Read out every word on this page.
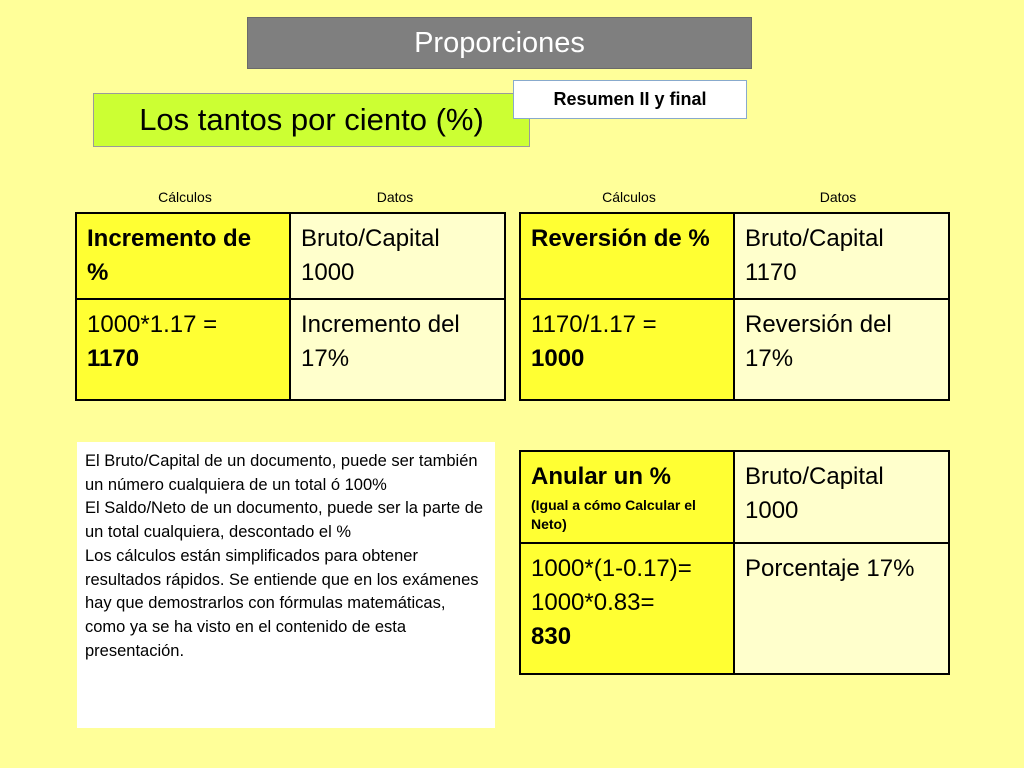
Proporciones
Los tantos por ciento (%)
Resumen II y final
Cálculos	Datos	Cálculos	Datos
Incremento de %	Bruto/Capital 1000
1000*1.17 =
1170	Incremento del 17%
Reversión de %	Bruto/Capital 1170
1170/1.17 =
1000	Reversión del 17%

El Bruto/Capital de un documento, puede ser también un número cualquiera de un total ó 100%

El Saldo/Neto de un documento, puede ser la parte de un total cualquiera, descontado el %

Los cálculos están simplificados para obtener resultados rápidos. Se entiende que en los exámenes hay que demostrarlos con fórmulas matemáticas, como ya se ha visto en el contenido de esta presentación.

Anular un %
(Igual a cómo Calcular el Neto)	Bruto/Capital 1000
1000*(1-0.17)=
1000*0.83=
830	Porcentaje 17%
